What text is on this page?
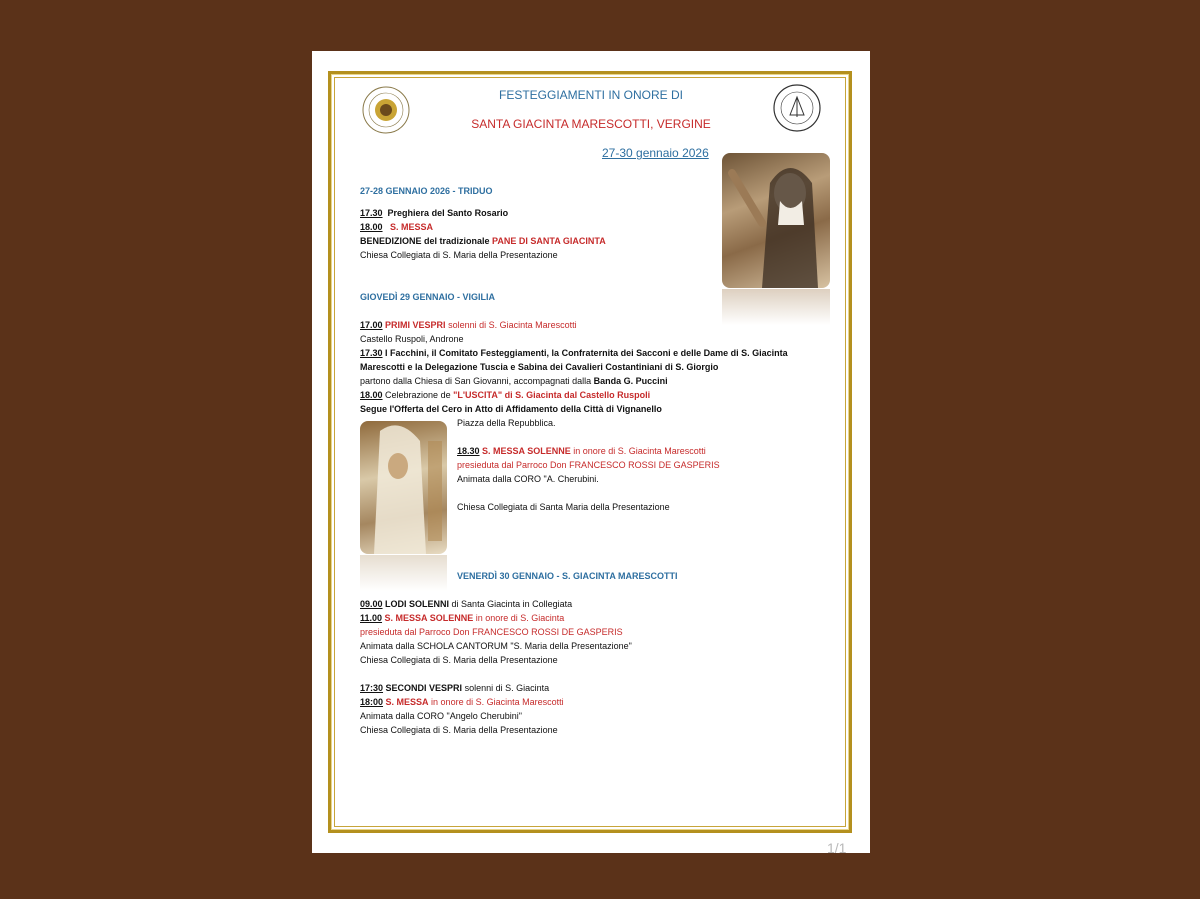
FESTEGGIAMENTI IN ONORE DI
SANTA GIACINTA MARESCOTTI, VERGINE
27-30 gennaio 2026
27-28 GENNAIO 2026 - TRIDUO
17.30 Preghiera del Santo Rosario
18.00 S. MESSA
BENEDIZIONE del tradizionale PANE DI SANTA GIACINTA
Chiesa Collegiata di S. Maria della Presentazione
GIOVEDÌ 29 GENNAIO - VIGILIA
17.00 PRIMI VESPRI solenni di S. Giacinta Marescotti
Castello Ruspoli, Androne
17.30 I Facchini, il Comitato Festeggiamenti, la Confraternita dei Sacconi e delle Dame di S. Giacinta
Marescotti e la Delegazione Tuscia e Sabina dei Cavalieri Costantiniani di S. Giorgio
partono dalla Chiesa di San Giovanni, accompagnati dalla Banda G. Puccini
18.00 Celebrazione de "L'USCITA" di S. Giacinta dal Castello Ruspoli
Segue l'Offerta del Cero in Atto di Affidamento della Città di Vignanello
Piazza della Repubblica.
18.30 S. MESSA SOLENNE in onore di S. Giacinta Marescotti
presieduta dal Parroco Don FRANCESCO ROSSI DE GASPERIS
Animata dalla CORO "A. Cherubini.
Chiesa Collegiata di Santa Maria della Presentazione
VENERDÌ 30 GENNAIO - S. GIACINTA MARESCOTTI
09.00 LODI SOLENNI di Santa Giacinta in Collegiata
11.00 S. MESSA SOLENNE in onore di S. Giacinta
presieduta dal Parroco Don FRANCESCO ROSSI DE GASPERIS
Animata dalla SCHOLA CANTORUM "S. Maria della Presentazione"
Chiesa Collegiata di S. Maria della Presentazione
17:30 SECONDI VESPRI solenni di S. Giacinta
18:00 S. MESSA in onore di S. Giacinta Marescotti
Animata dalla CORO "Angelo Cherubini"
Chiesa Collegiata di S. Maria della Presentazione
1/1
